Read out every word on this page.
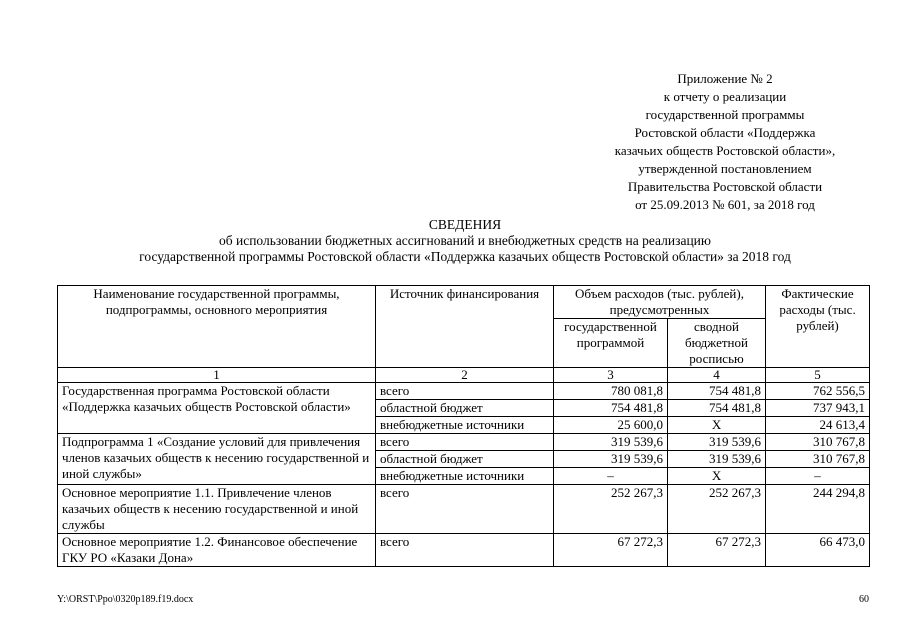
Приложение № 2
к отчету о реализации
государственной программы
Ростовской области «Поддержка
казачьих обществ Ростовской области»,
утвержденной постановлением
Правительства Ростовской области
от 25.09.2013 № 601, за 2018 год
СВЕДЕНИЯ
об использовании бюджетных ассигнований и внебюджетных средств на реализацию
государственной программы Ростовской области «Поддержка казачьих обществ Ростовской области» за 2018 год
Наименование государственной программы, подпрограммы, основного мероприятия	Источник финансирования	Объем расходов (тыс. рублей), предусмотренных		Фактические расходы (тыс. рублей)
		государственной программой	сводной бюджетной росписью	
1	2	3	4	5
Государственная программа Ростовской области «Поддержка казачьих обществ Ростовской области»	всего	780 081,8	754 481,8	762 556,5
	областной бюджет	754 481,8	754 481,8	737 943,1
	внебюджетные источники	25 600,0	Х	24 613,4
Подпрограмма 1 «Создание условий для привлечения членов казачьих обществ к несению государственной и иной службы»	всего	319 539,6	319 539,6	310 767,8
	областной бюджет	319 539,6	319 539,6	310 767,8
	внебюджетные источники	–	Х	–
Основное мероприятие 1.1. Привлечение членов казачьих обществ к несению государственной и иной службы	всего	252 267,3	252 267,3	244 294,8
Основное мероприятие 1.2. Финансовое обеспечение ГКУ РО «Казаки Дона»	всего	67 272,3	67 272,3	66 473,0
Y:\ORST\Ppo\0320p189.f19.docx	60
